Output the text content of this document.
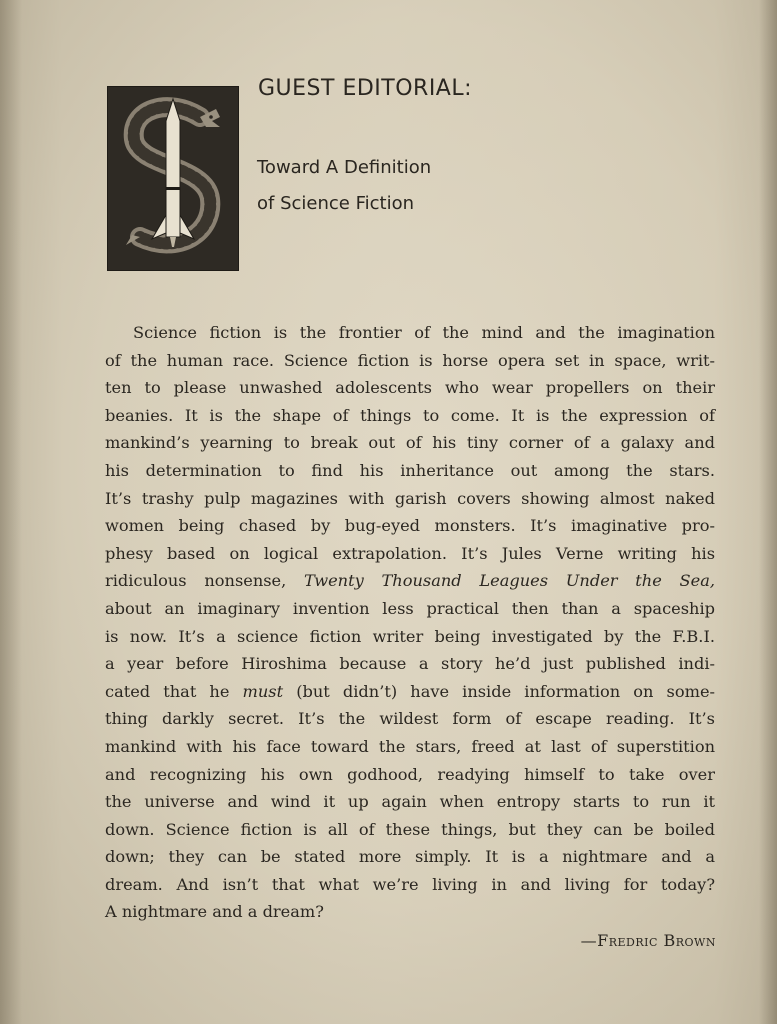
GUEST EDITORIAL:
Toward A Definition
of Science Fiction
Science fiction is the frontier of the mind and the imagination
of the human race. Science fiction is horse opera set in space, writ-
ten to please unwashed adolescents who wear propellers on their
beanies. It is the shape of things to come. It is the expression of
mankind’s yearning to break out of his tiny corner of a galaxy and
his determination to find his inheritance out among the stars.
It’s trashy pulp magazines with garish covers showing almost naked
women being chased by bug-eyed monsters. It’s imaginative pro-
phesy based on logical extrapolation. It’s Jules Verne writing his
ridiculous nonsense, Twenty Thousand Leagues Under the Sea,
about an imaginary invention less practical then than a spaceship
is now. It’s a science fiction writer being investigated by the F.B.I.
a year before Hiroshima because a story he’d just published indi-
cated that he must (but didn’t) have inside information on some-
thing darkly secret. It’s the wildest form of escape reading. It’s
mankind with his face toward the stars, freed at last of superstition
and recognizing his own godhood, readying himself to take over
the universe and wind it up again when entropy starts to run it
down. Science fiction is all of these things, but they can be boiled
down; they can be stated more simply. It is a nightmare and a
dream. And isn’t that what we’re living in and living for today?
A nightmare and a dream?

—Fredric Brown
